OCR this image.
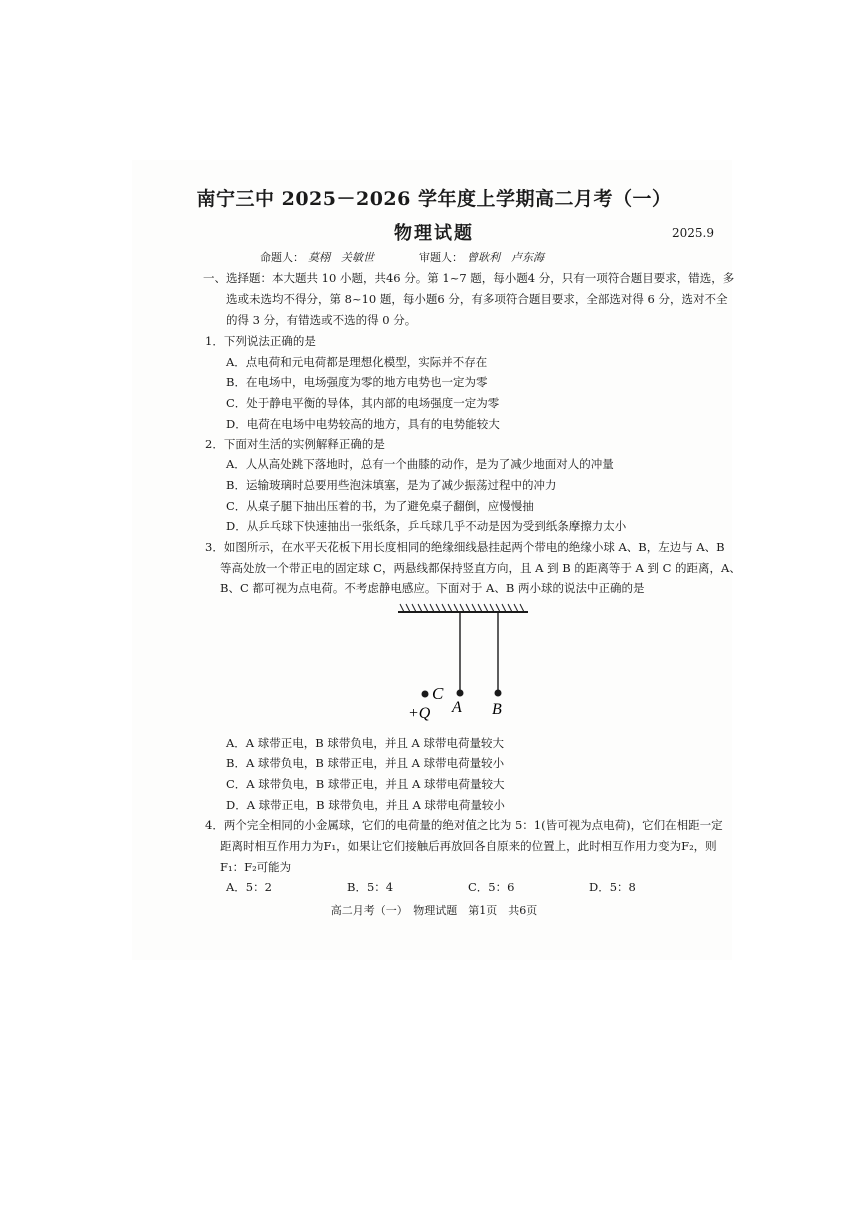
南宁三中 2025－2026 学年度上学期高二月考（一）
物理试题	2025.9
命题人： 莫栩　关敏世	审题人： 曾耿利　卢东海
一、选择题：本大题共 10 小题，共46 分。第 1~7 题，每小题4 分，只有一项符合题目要求，错选，多
选或未选均不得分，第 8~10 题，每小题6 分，有多项符合题目要求，全部选对得 6 分，选对不全
的得 3 分，有错选或不选的得 0 分。
1．下列说法正确的是
A．点电荷和元电荷都是理想化模型，实际并不存在
B．在电场中，电场强度为零的地方电势也一定为零
C．处于静电平衡的导体，其内部的电场强度一定为零
D．电荷在电场中电势较高的地方，具有的电势能较大
2．下面对生活的实例解释正确的是
A．人从高处跳下落地时，总有一个曲膝的动作，是为了减少地面对人的冲量
B．运输玻璃时总要用些泡沫填塞，是为了减少振荡过程中的冲力
C．从桌子腿下抽出压着的书，为了避免桌子翻倒，应慢慢抽
D．从乒乓球下快速抽出一张纸条，乒乓球几乎不动是因为受到纸条摩擦力太小
3．如图所示，在水平天花板下用长度相同的绝缘细线悬挂起两个带电的绝缘小球 A、B，左边与 A、B
等高处放一个带正电的固定球 C，两悬线都保持竖直方向，且 A 到 B 的距离等于 A 到 C 的距离，A、
B、C 都可视为点电荷。不考虑静电感应。下面对于 A、B 两小球的说法中正确的是
C
+Q A B
A．A 球带正电，B 球带负电，并且 A 球带电荷量较大
B．A 球带负电，B 球带正电，并且 A 球带电荷量较小
C．A 球带负电，B 球带正电，并且 A 球带电荷量较大
D．A 球带正电，B 球带负电，并且 A 球带电荷量较小
4．两个完全相同的小金属球，它们的电荷量的绝对值之比为 5：1(皆可视为点电荷)，它们在相距一定
距离时相互作用力为F₁，如果让它们接触后再放回各自原来的位置上，此时相互作用力变为F₂，则
F₁：F₂可能为
A．5：2	B．5：4	C．5：6	D．5：8
高二月考（一）　物理试题　第1页　共6页
